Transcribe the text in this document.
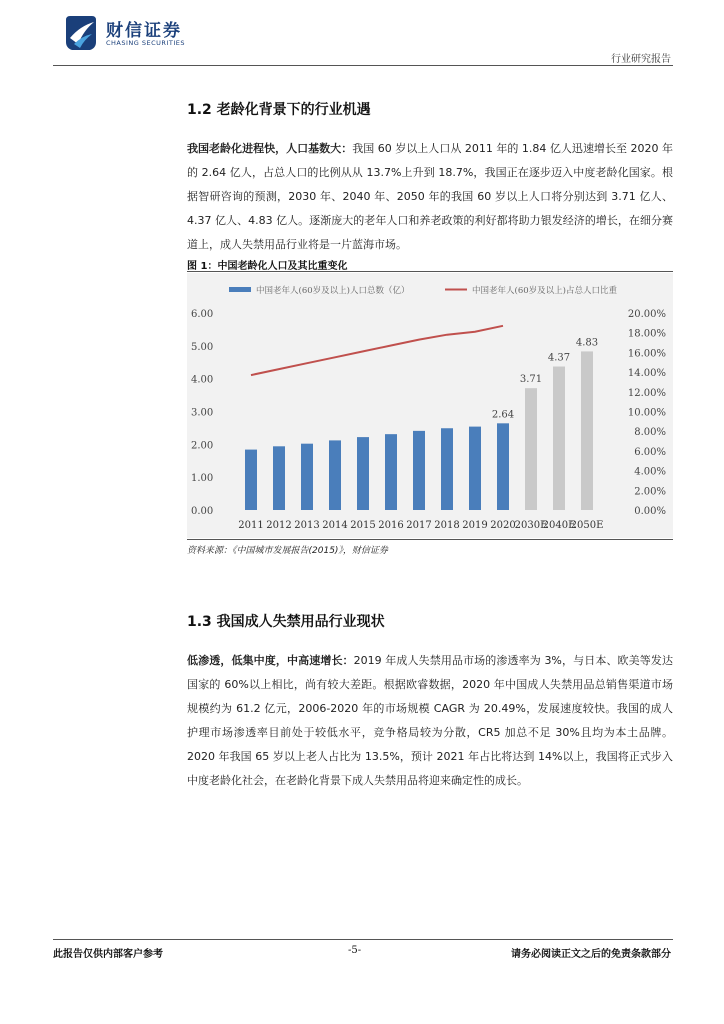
财信证券
CHASING SECURITIES
行业研究报告
1.2 老龄化背景下的行业机遇
我国老龄化进程快，人口基数大：我国 60 岁以上人口从 2011 年的 1.84 亿人迅速增长至 2020 年的 2.64 亿人，占总人口的比例从从 13.7%上升到 18.7%，我国正在逐步迈入中度老龄化国家。根据智研咨询的预测，2030 年、2040 年、2050 年的我国 60 岁以上人口将分别达到 3.71 亿人、4.37 亿人、4.83 亿人。逐渐庞大的老年人口和养老政策的利好都将助力银发经济的增长，在细分赛道上，成人失禁用品行业将是一片蓝海市场。
图 1：中国老龄化人口及其比重变化
中国老年人(60岁及以上)人口总数（亿）	中国老年人(60岁及以上)占总人口比重
0.00
1.00
2.00
3.00
4.00
5.00
6.00
0.00%
2.00%
4.00%
6.00%
8.00%
10.00%
12.00%
14.00%
16.00%
18.00%
20.00%
2.64
3.71
4.37
4.83
2011 2012 2013 2014 2015 2016 2017 2018 2019 2020
2030E
2040E
2050E
资料来源：《中国城市发展报告(2015)》，财信证券
1.3 我国成人失禁用品行业现状
低渗透，低集中度，中高速增长：2019 年成人失禁用品市场的渗透率为 3%，与日本、欧美等发达国家的 60%以上相比，尚有较大差距。根据欧睿数据，2020 年中国成人失禁用品总销售渠道市场规模约为 61.2 亿元，2006-2020 年的市场规模 CAGR 为 20.49%，发展速度较快。我国的成人护理市场渗透率目前处于较低水平，竞争格局较为分散，CR5 加总不足 30%且均为本土品牌。2020 年我国 65 岁以上老人占比为 13.5%，预计 2021 年占比将达到 14%以上，我国将正式步入中度老龄化社会，在老龄化背景下成人失禁用品将迎来确定性的成长。
此报告仅供内部客户参考	-5-	请务必阅读正文之后的免责条款部分
